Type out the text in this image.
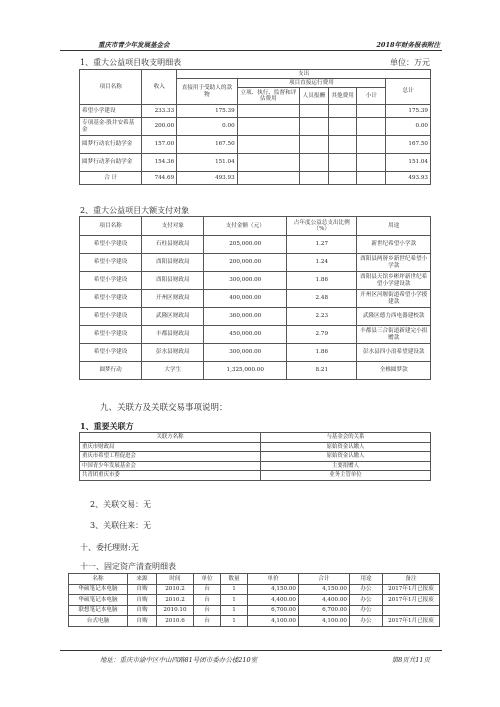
重庆市青少年发展基金会	2018年财务报表附注
1、重大公益项目收支明细表	单位：万元
项目名称	收入	支出					
		直接用于受助人的款物	项目直接运行费用				总计
			立项、执行、监督和评估费用	人员报酬	其他费用	小计	
希望小学建设	233.33	175.39					175.39
专项基金-股井安希基金	200.00	0.00					0.00
圆梦行动农行助学金	157.00	167.50					167.50
圆梦行动茅台助学金	154.36	151.04					151.04
合 计	744.69	493.93					493.93
2、重大公益项目大额支付对象
项目名称	支付对象	支付金额（元）	占年度公益总支出比例（%）	用途
希望小学建设	石柱县财政局	205,000.00	1.27	新世纪希望小学款
希望小学建设	酉阳县财政局	200,000.00	1.24	酉阳县两罾乡新世纪希望小学款
希望小学建设	酉阳县财政局	300,000.00	1.86	酉阳县天馆乡彬坪新世纪希望小学建设款
希望小学建设	开州区财政局	400,000.00	2.48	开州区河堰街道希望小学援建款
希望小学建设	武隆区财政局	360,000.00	2.23	武隆区德力西电器建校款
希望小学建设	丰都县财政局	450,000.00	2.79	丰都县三合街道新建完小捐赠款
希望小学建设	彭水县财政局	300,000.00	1.86	彭水县四小浪希望建设款
圆梦行动	大学生	1,325,000.00	8.21	全椎圆梦款
九、关联方及关联交易事项说明：
1、重要关联方
关联方名称	与基金会的关系
重庆市财政局	原始资金认缴人
重庆市希望工程促进会	原始资金认缴人
中国青少年发展基金会	主要捐赠人
共青团重庆市委	业务主管单位
2、关联交易：无
3、关联往来：无
十、委托理财:无
十一、固定资产清查明细表
名称	来源	时间	单位	数量	单价	合计	用途	备注
华硕笔记本电脑	自购	2010.2	台	1	4,150.00	4,150.00	办公	2017年1月已报废
华硕笔记本电脑	自购	2010.2	台	1	4,400.00	4,400.00	办公	2017年1月已报废
联想笔记本电脑	自购	2010.10	台	1	6,700.00	6,700.00	办公	
台式电脑	自购	2010.6	台	1	4,100.00	4,100.00	办公	2017年1月已报废
地址：重庆市渝中区中山四路81号团市委办公楼210室	第8页共11页
